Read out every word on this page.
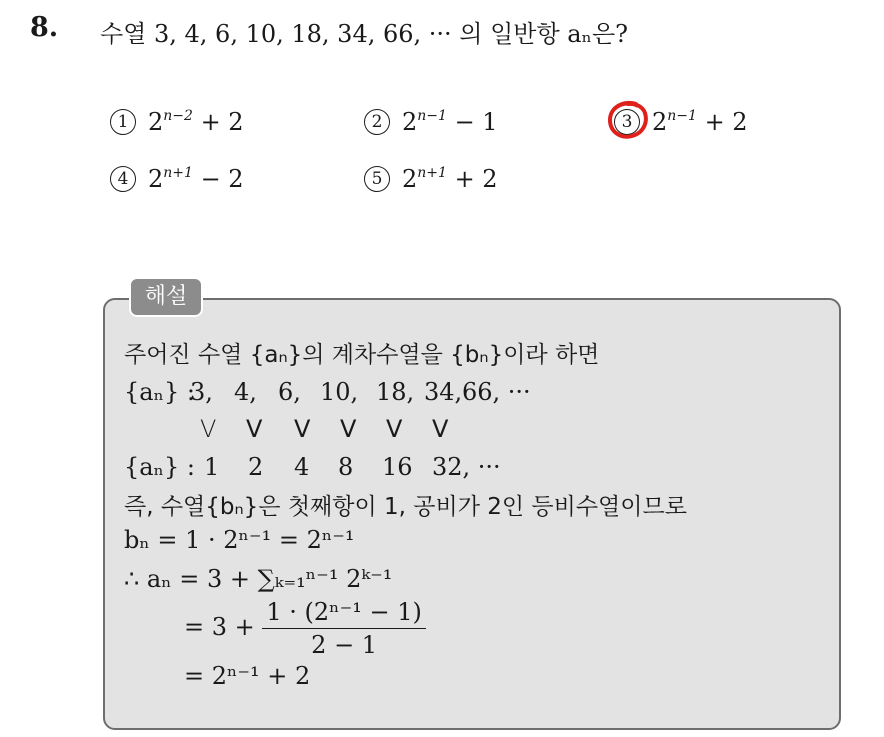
8. 수열 3, 4, 6, 10, 18, 34, 66, ··· 의 일반항 aₙ은?
1 $2^{n-2} + 2$	2 $2^{n-1} - 1$	3 $2^{n-1} + 2$
4 $2^{n+1} - 2$	5 $2^{n+1} + 2$
해설
주어진 수열 {aₙ}의 계차수열을 {bₙ}이라 하면
{aₙ} :
3, 4, 6, 10, 18, 34, 66, ···
V V V V V V
{aₙ} : 1 2 4 8 16 32, ···
즉, 수열{bₙ}은 첫째항이 1, 공비가 2인 등비수열이므로
bₙ = 1 · 2ⁿ⁻¹ = 2ⁿ⁻¹
∴ aₙ = 3 + ∑ₖ₌₁ⁿ⁻¹ 2ᵏ⁻¹
= $3 + \frac{\text{1 · (2ⁿ⁻¹ − 1)}}{2 - 1}$
= 2ⁿ⁻¹ + 2
